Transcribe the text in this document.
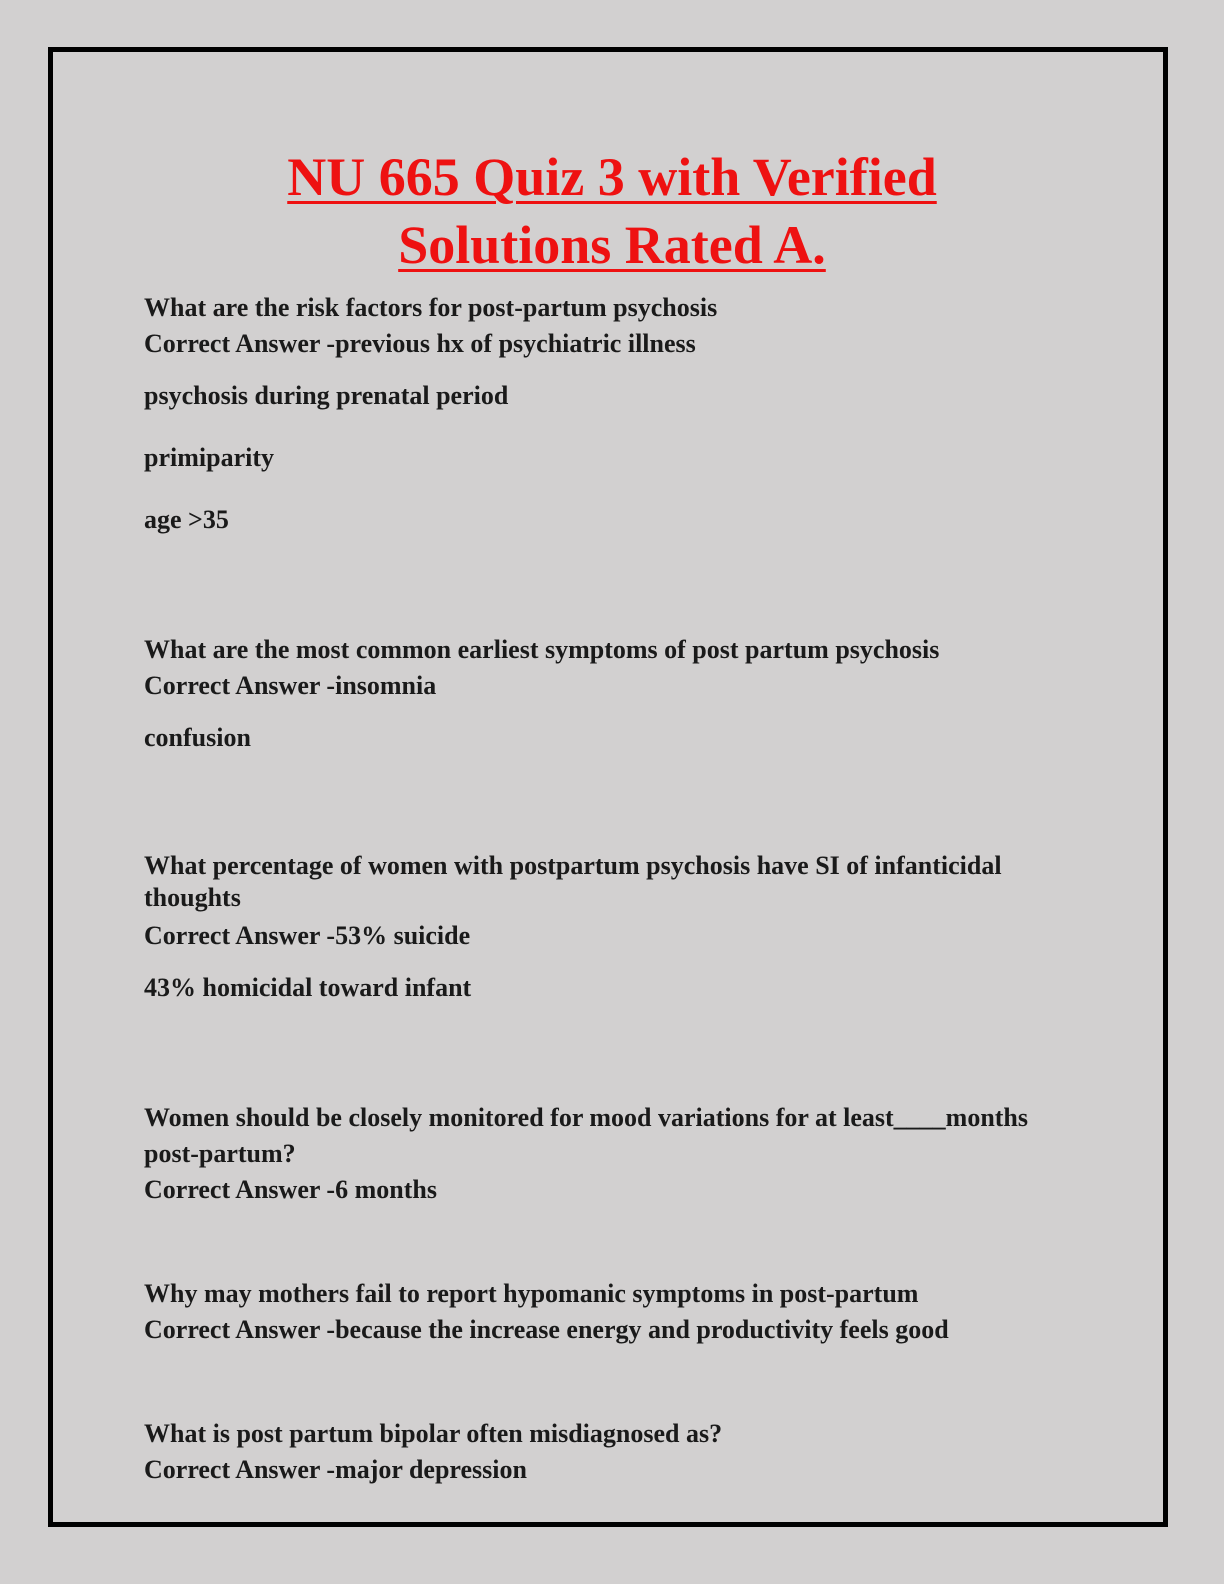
NU 665 Quiz 3 with Verified
Solutions Rated A.

What are the risk factors for post-partum psychosis

Correct Answer -previous hx of psychiatric illness

psychosis during prenatal period

primiparity

age >35

What are the most common earliest symptoms of post partum psychosis

Correct Answer -insomnia

confusion

What percentage of women with postpartum psychosis have SI of infanticidal thoughts

Correct Answer -53% suicide

43% homicidal toward infant

Women should be closely monitored for mood variations for at least____months post-partum?

Correct Answer -6 months

Why may mothers fail to report hypomanic symptoms in post-partum

Correct Answer -because the increase energy and productivity feels good

What is post partum bipolar often misdiagnosed as?

Correct Answer -major depression
